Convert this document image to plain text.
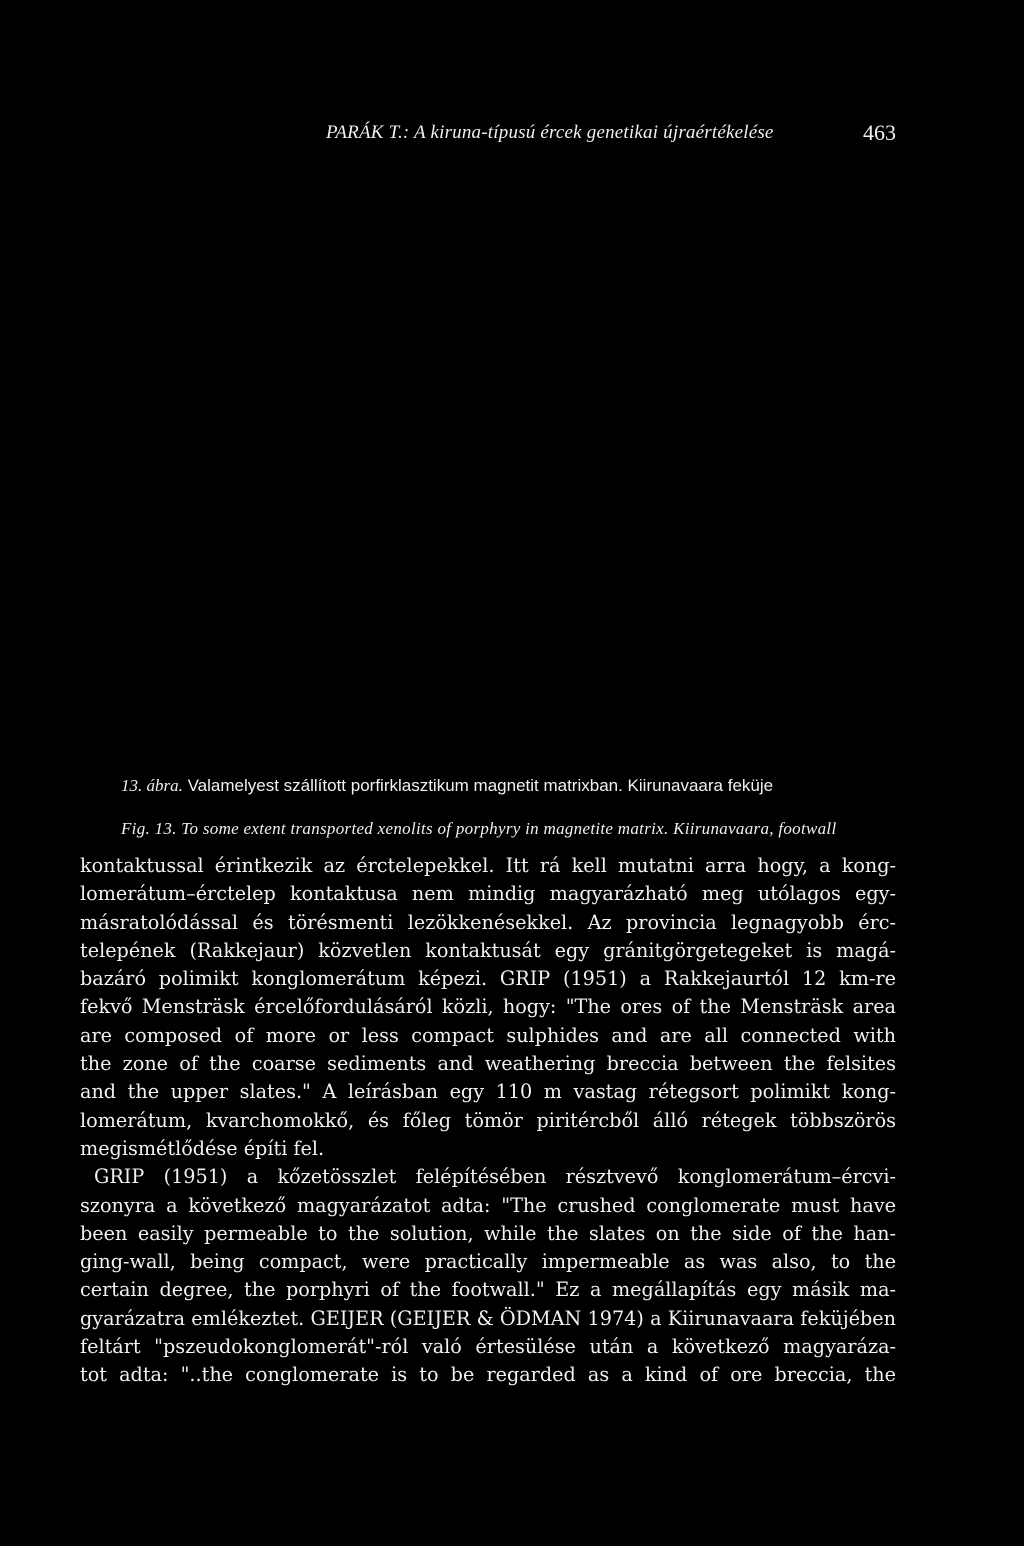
PARÁK T.: A kiruna-típusú ércek genetikai újraértékelése	463
13. ábra. Valamelyest szállított porfirklasztikum magnetit matrixban. Kiirunavaara feküje
Fig. 13. To some extent transported xenolits of porphyry in magnetite matrix. Kiirunavaara, footwall
kontaktussal érintkezik az érctelepekkel. Itt rá kell mutatni arra hogy, a kong-
lomerátum–érctelep kontaktusa nem mindig magyarázható meg utólagos egy-
másratolódással és törésmenti lezökkenésekkel. Az provincia legnagyobb érc-
telepének (Rakkejaur) közvetlen kontaktusát egy gránitgörgetegeket is magá-
bazáró polimikt konglomerátum képezi. GRIP (1951) a Rakkejaurtól 12 km-re
fekvő Mensträsk ércelőfordulásáról közli, hogy: "The ores of the Mensträsk area
are composed of more or less compact sulphides and are all connected with
the zone of the coarse sediments and weathering breccia between the felsites
and the upper slates." A leírásban egy 110 m vastag rétegsort polimikt kong-
lomerátum, kvarchomokkő, és főleg tömör piritércből álló rétegek többszörös
megismétlődése építi fel.
GRIP (1951) a kőzetösszlet felépítésében résztvevő konglomerátum–ércvi-
szonyra a következő magyarázatot adta: "The crushed conglomerate must have
been easily permeable to the solution, while the slates on the side of the han-
ging-wall, being compact, were practically impermeable as was also, to the
certain degree, the porphyri of the footwall." Ez a megállapítás egy másik ma-
gyarázatra emlékeztet. GEIJER (GEIJER & ÖDMAN 1974) a Kiirunavaara feküjében
feltárt "pszeudokonglomerát"-ról való értesülése után a következő magyaráza-
tot adta: "..the conglomerate is to be regarded as a kind of ore breccia, the
